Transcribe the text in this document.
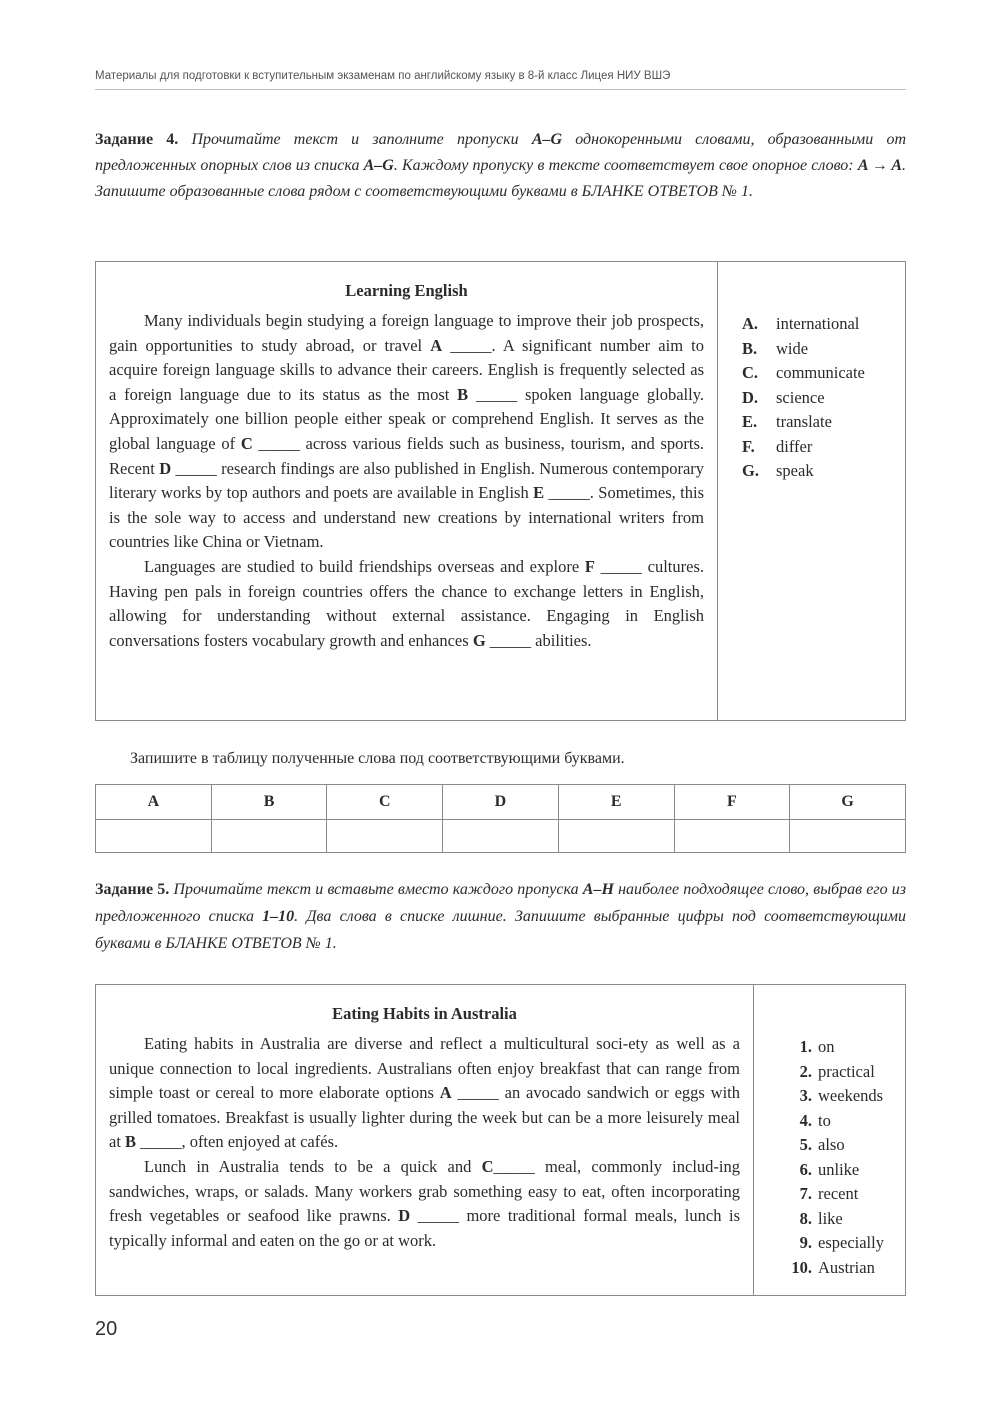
Материалы для подготовки к вступительным экзаменам по английскому языку в 8-й класс Лицея НИУ ВШЭ
Задание 4. Прочитайте текст и заполните пропуски A–G однокоренными словами, образованными от предложенных опорных слов из списка A–G. Каждому пропуску в тексте соответствует свое опорное слово: A → A. Запишите образованные слова рядом с соответствующими буквами в БЛАНКЕ ОТВЕТОВ № 1.
Learning English

Many individuals begin studying a foreign language to improve their job prospects, gain opportunities to study abroad, or travel A _____. A significant number aim to acquire foreign language skills to advance their careers. English is frequently selected as a foreign language due to its status as the most B _____ spoken language globally. Approximately one billion people either speak or comprehend English. It serves as the global language of C _____ across various fields such as business, tourism, and sports. Recent D _____ research findings are also published in English. Numerous contemporary literary works by top authors and poets are available in English E _____. Sometimes, this is the sole way to access and understand new creations by international writers from countries like China or Vietnam.

Languages are studied to build friendships overseas and explore F _____ cultures. Having pen pals in foreign countries offers the chance to exchange letters in English, allowing for understanding without external assistance. Engaging in English conversations fosters vocabulary growth and enhances G _____ abilities.

A.	international
B.	wide
C.	communicate
D.	science
E.	translate
F.	differ
G.	speak
Запишите в таблицу полученные слова под соответствующими буквами.
A	B	C	D	E	F	G

Задание 5. Прочитайте текст и вставьте вместо каждого пропуска A–H наиболее подходящее слово, выбрав его из предложенного списка 1–10. Два слова в списке лишние. Запишите выбранные цифры под соответствующими буквами в БЛАНКЕ ОТВЕТОВ № 1.
Eating Habits in Australia

Eating habits in Australia are diverse and reflect a multicultural soci-ety as well as a unique connection to local ingredients. Australians often enjoy breakfast that can range from simple toast or cereal to more elaborate options A _____ an avocado sandwich or eggs with grilled tomatoes. Breakfast is usually lighter during the week but can be a more leisurely meal at B _____, often enjoyed at cafés.

Lunch in Australia tends to be a quick and C_____ meal, commonly includ-ing sandwiches, wraps, or salads. Many workers grab something easy to eat, often incorporating fresh vegetables or seafood like prawns. D _____ more traditional formal meals, lunch is typically informal and eaten on the go or at work.

1. on
2. practical
3. weekends
4. to
5. also
6. unlike
7. recent
8. like
9. especially
10. Austrian
20
